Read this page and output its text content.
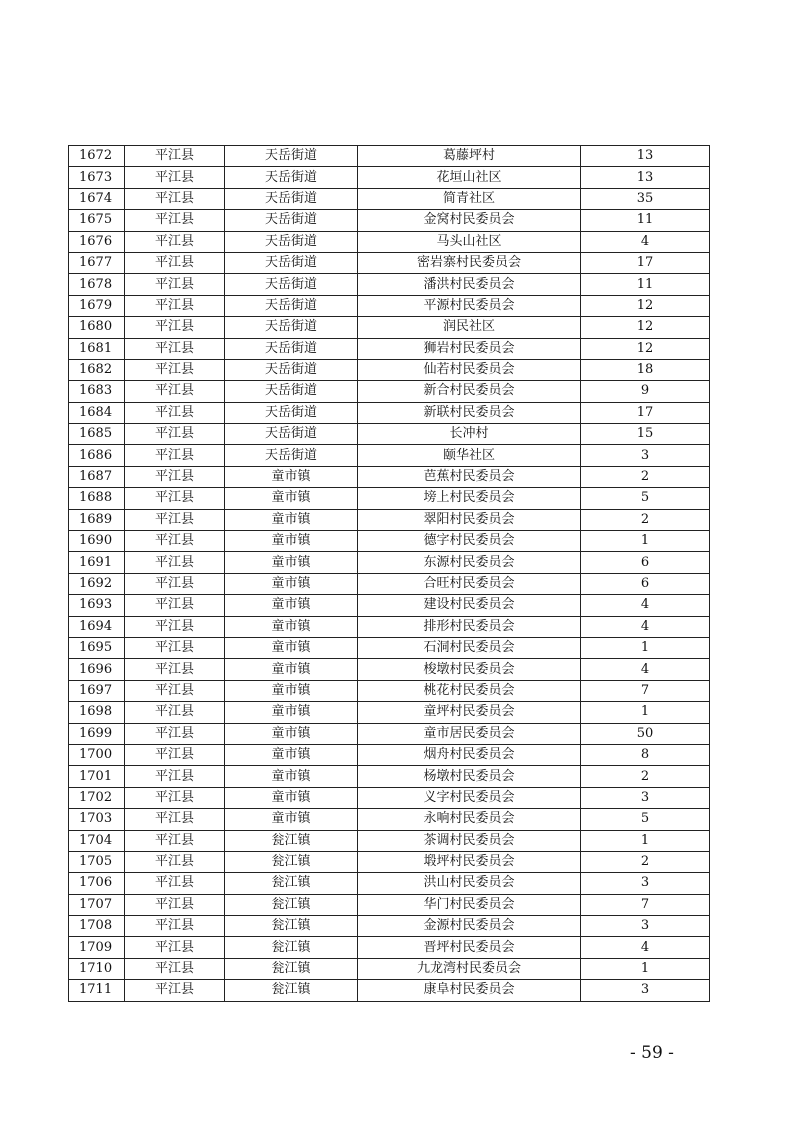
1672	平江县	天岳街道	葛藤坪村	13
1673	平江县	天岳街道	花垣山社区	13
1674	平江县	天岳街道	简青社区	35
1675	平江县	天岳街道	金窝村民委员会	11
1676	平江县	天岳街道	马头山社区	4
1677	平江县	天岳街道	密岩寨村民委员会	17
1678	平江县	天岳街道	潘洪村民委员会	11
1679	平江县	天岳街道	平源村民委员会	12
1680	平江县	天岳街道	润民社区	12
1681	平江县	天岳街道	狮岩村民委员会	12
1682	平江县	天岳街道	仙若村民委员会	18
1683	平江县	天岳街道	新合村民委员会	9
1684	平江县	天岳街道	新联村民委员会	17
1685	平江县	天岳街道	长冲村	15
1686	平江县	天岳街道	颐华社区	3
1687	平江县	童市镇	芭蕉村民委员会	2
1688	平江县	童市镇	塝上村民委员会	5
1689	平江县	童市镇	翠阳村民委员会	2
1690	平江县	童市镇	德字村民委员会	1
1691	平江县	童市镇	东源村民委员会	6
1692	平江县	童市镇	合旺村民委员会	6
1693	平江县	童市镇	建设村民委员会	4
1694	平江县	童市镇	排形村民委员会	4
1695	平江县	童市镇	石洞村民委员会	1
1696	平江县	童市镇	梭墩村民委员会	4
1697	平江县	童市镇	桃花村民委员会	7
1698	平江县	童市镇	童坪村民委员会	1
1699	平江县	童市镇	童市居民委员会	50
1700	平江县	童市镇	烟舟村民委员会	8
1701	平江县	童市镇	杨墩村民委员会	2
1702	平江县	童市镇	义字村民委员会	3
1703	平江县	童市镇	永响村民委员会	5
1704	平江县	瓮江镇	茶调村民委员会	1
1705	平江县	瓮江镇	塅坪村民委员会	2
1706	平江县	瓮江镇	洪山村民委员会	3
1707	平江县	瓮江镇	华门村民委员会	7
1708	平江县	瓮江镇	金源村民委员会	3
1709	平江县	瓮江镇	晋坪村民委员会	4
1710	平江县	瓮江镇	九龙湾村民委员会	1
1711	平江县	瓮江镇	康阜村民委员会	3
- 59 -
